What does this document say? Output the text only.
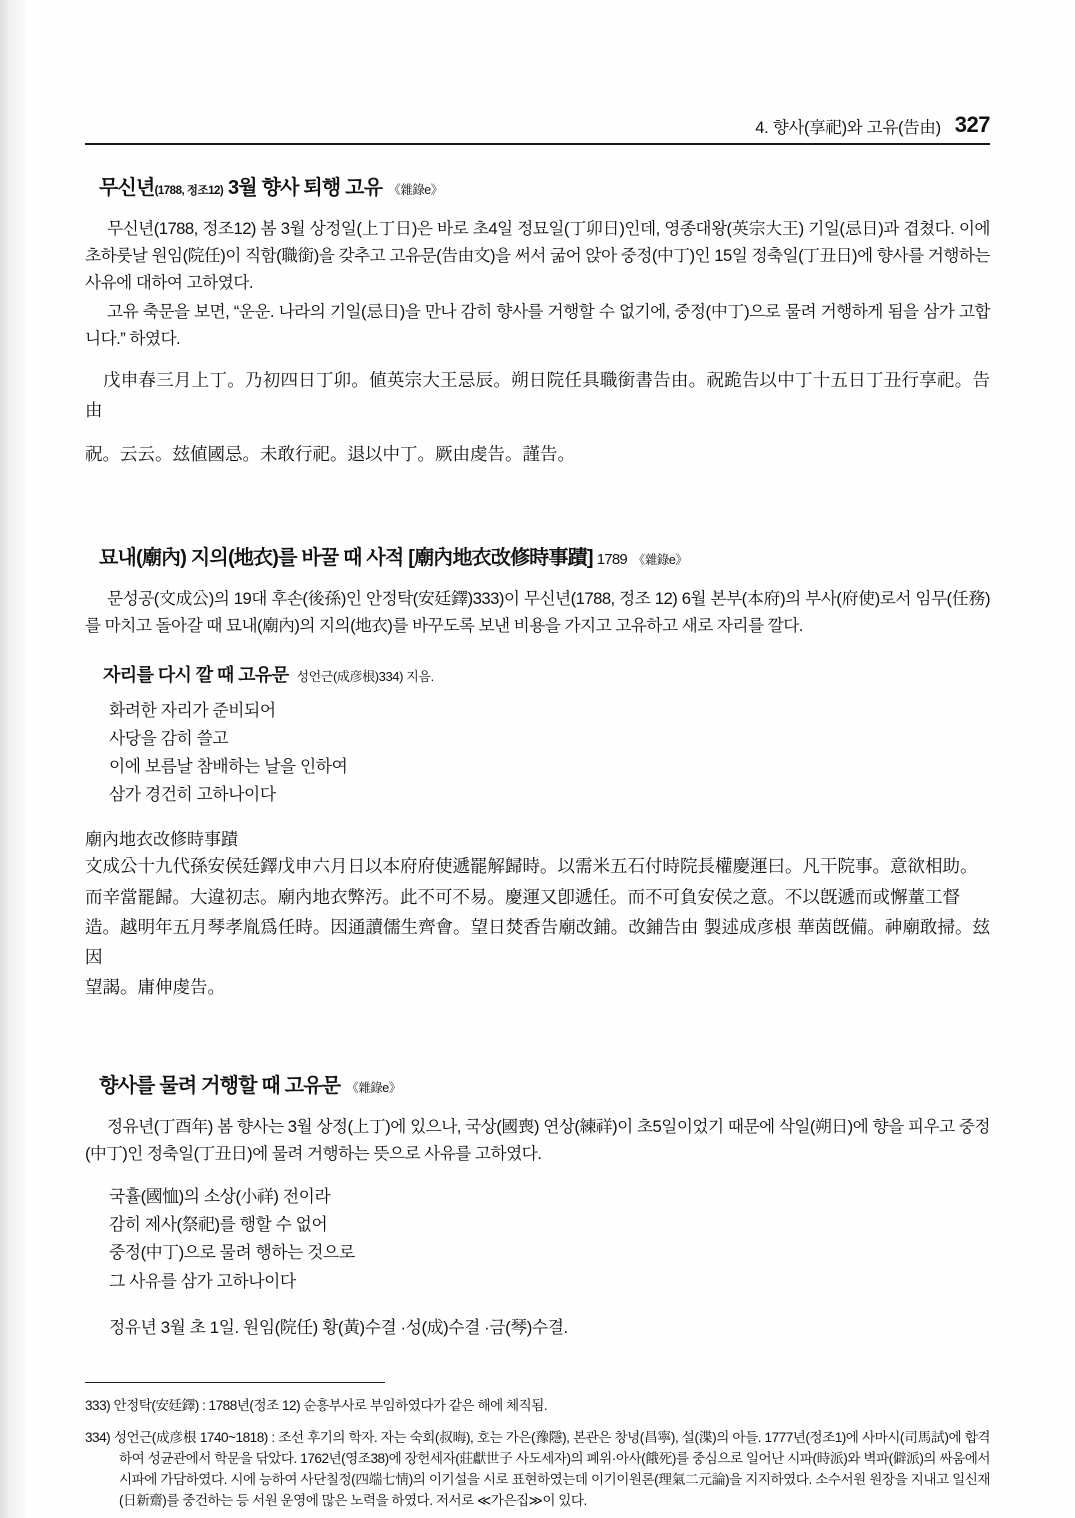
4. 향사(享祀)와 고유(告由) 327
무신년(1788, 정조12) 3월 향사 퇴행 고유 《雜錄e》

무신년(1788, 정조12) 봄 3월 상정일(上丁日)은 바로 초4일 정묘일(丁卯日)인데, 영종대왕(英宗大王) 기일(忌日)과 겹쳤다. 이에 초하룻날 원임(院任)이 직함(職銜)을 갖추고 고유문(告由文)을 써서 굶어 앉아 중정(中丁)인 15일 정축일(丁丑日)에 향사를 거행하는 사유에 대하여 고하였다.

고유 축문을 보면, “운운. 나라의 기일(忌日)을 만나 감히 향사를 거행할 수 없기에, 중정(中丁)으로 물려 거행하게 됨을 삼가 고합니다.” 하였다.

戊申春三月上丁。乃初四日丁卯。値英宗大王忌辰。朔日院任具職銜書告由。祝跪告以中丁十五日丁丑行享祀。告由

祝。云云。玆値國忌。未敢行祀。退以中丁。厥由虔告。謹告。

묘내(廟內) 지의(地衣)를 바꿀 때 사적 [廟內地衣改修時事蹟] 1789 《雜錄e》

문성공(文成公)의 19대 후손(後孫)인 안정탁(安廷鐸)333)이 무신년(1788, 정조 12) 6월 본부(本府)의 부사(府使)로서 임무(任務)를 마치고 돌아갈 때 묘내(廟內)의 지의(地衣)를 바꾸도록 보낸 비용을 가지고 고유하고 새로 자리를 깔다.

자리를 다시 깔 때 고유문 성언근(成彦根)334) 지음.
화려한 자리가 준비되어
사당을 감히 쓸고
이에 보름날 참배하는 날을 인하여
삼가 경건히 고하나이다
廟內地衣改修時事蹟

文成公十九代孫安侯廷鐸戊申六月日以本府府使遞罷解歸時。以需米五石付時院長權慶運曰。凡干院事。意欲相助。

而辛當罷歸。大違初志。廟內地衣弊汚。此不可不易。慶運又卽遞任。而不可負安侯之意。不以旣遞而或懈蕫工督

造。越明年五月琴孝胤爲任時。因通讀儒生齊會。望日焚香告廟改鋪。改鋪告由 製述成彦根 華茵旣備。神廟敢掃。玆因

望謁。庸伸虔告。

향사를 물려 거행할 때 고유문 《雜錄e》

정유년(丁酉年) 봄 향사는 3월 상정(上丁)에 있으나, 국상(國喪) 연상(練祥)이 초5일이었기 때문에 삭일(朔日)에 향을 피우고 중정(中丁)인 정축일(丁丑日)에 물려 거행하는 뜻으로 사유를 고하였다.

국휼(國恤)의 소상(小祥) 전이라
감히 제사(祭祀)를 행할 수 없어
중정(中丁)으로 물려 행하는 것으로
그 사유를 삼가 고하나이다
정유년 3월 초 1일. 원임(院任) 황(黃)수결 ·성(成)수결 ·금(琴)수결.
333) 안정탁(安廷鐸) : 1788년(정조 12) 순흥부사로 부임하였다가 같은 해에 체직됨.
334) 성언근(成彦根 1740~1818) : 조선 후기의 학자. 자는 숙회(叔晦), 호는 가은(豫隱), 본관은 창녕(昌寧), 설(渫)의 아들. 1777년(정조1)에 사마시(司馬試)에 합격하여 성균관에서 학문을 닦았다. 1762년(영조38)에 장헌세자(莊獻世子 사도세자)의 폐위·아사(餓死)를 중심으로 일어난 시파(時派)와 벽파(僻派)의 싸움에서 시파에 가담하였다. 시에 능하여 사단칠정(四端七情)의 이기설을 시로 표현하였는데 이기이원론(理氣二元論)을 지지하였다. 소수서원 원장을 지내고 일신재(日新齋)를 중건하는 등 서원 운영에 많은 노력을 하였다. 저서로 ≪가은집≫이 있다.
